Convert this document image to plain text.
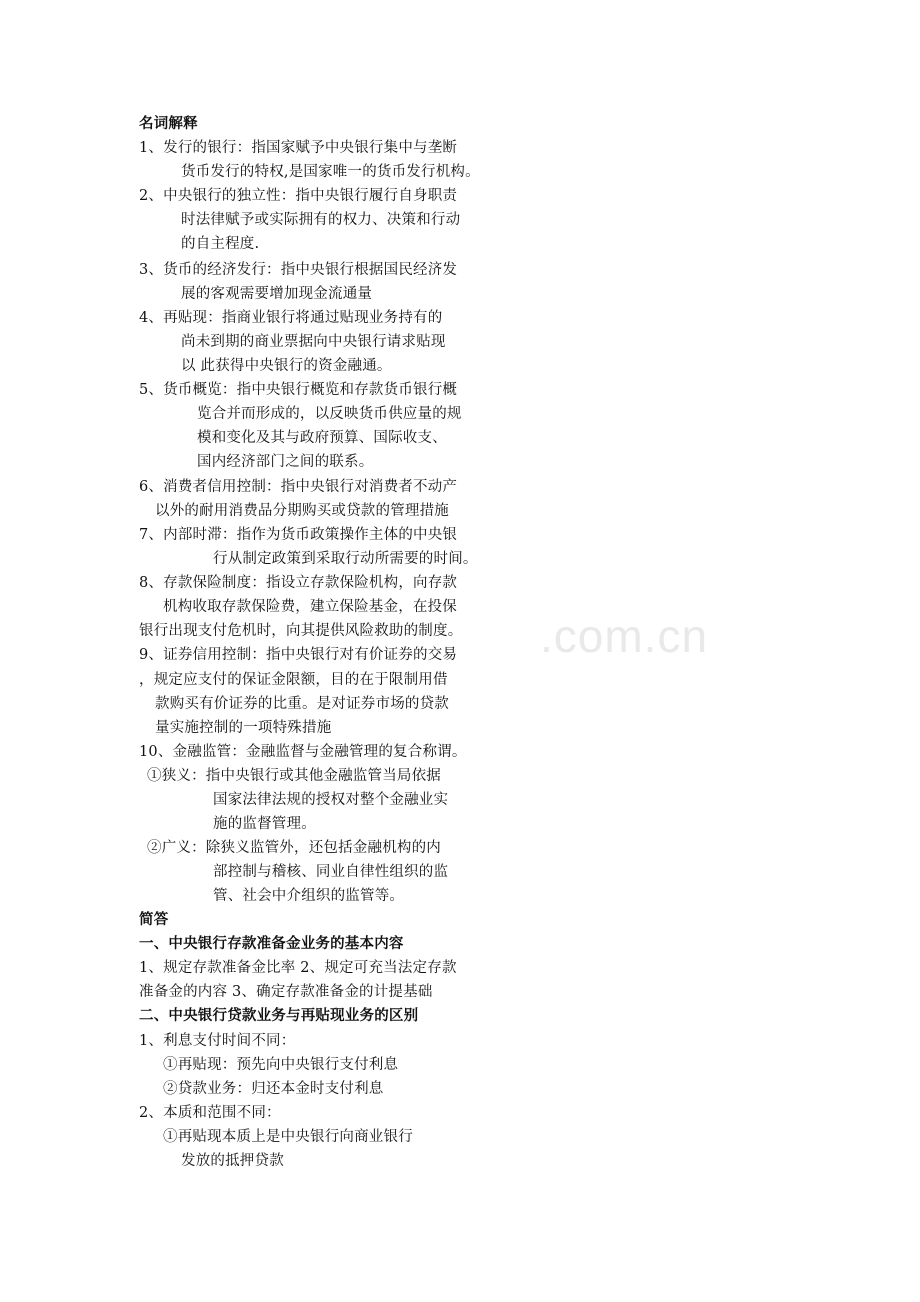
.com.cn
名词解释
1、发行的银行：指国家赋予中央银行集中与垄断
货币发行的特权,是国家唯一的货币发行机构。
2、中央银行的独立性：指中央银行履行自身职责
时法律赋予或实际拥有的权力、决策和行动
的自主程度.
3、货币的经济发行：指中央银行根据国民经济发
展的客观需要增加现金流通量
4、再贴现：指商业银行将通过贴现业务持有的
尚未到期的商业票据向中央银行请求贴现
以 此获得中央银行的资金融通。
5、货币概览：指中央银行概览和存款货币银行概
览合并而形成的，以反映货币供应量的规
模和变化及其与政府预算、国际收支、
国内经济部门之间的联系。
6、消费者信用控制：指中央银行对消费者不动产
以外的耐用消费品分期购买或贷款的管理措施
7、内部时滞：指作为货币政策操作主体的中央银
行从制定政策到采取行动所需要的时间。
8、存款保险制度：指设立存款保险机构，向存款
机构收取存款保险费，建立保险基金，在投保
银行出现支付危机时，向其提供风险救助的制度。
9、证券信用控制：指中央银行对有价证券的交易
，规定应支付的保证金限额，目的在于限制用借
款购买有价证券的比重。是对证券市场的贷款
量实施控制的一项特殊措施
10、金融监管：金融监督与金融管理的复合称谓。
①狭义：指中央银行或其他金融监管当局依据
国家法律法规的授权对整个金融业实
施的监督管理。
②广义：除狭义监管外，还包括金融机构的内
部控制与稽核、同业自律性组织的监
管、社会中介组织的监管等。
简答
一、中央银行存款准备金业务的基本内容
1、规定存款准备金比率 2、规定可充当法定存款
准备金的内容 3、确定存款准备金的计提基础
二、中央银行贷款业务与再贴现业务的区别
1、利息支付时间不同：
①再贴现：预先向中央银行支付利息
②贷款业务：归还本金时支付利息
2、本质和范围不同：
①再贴现本质上是中央银行向商业银行
发放的抵押贷款
